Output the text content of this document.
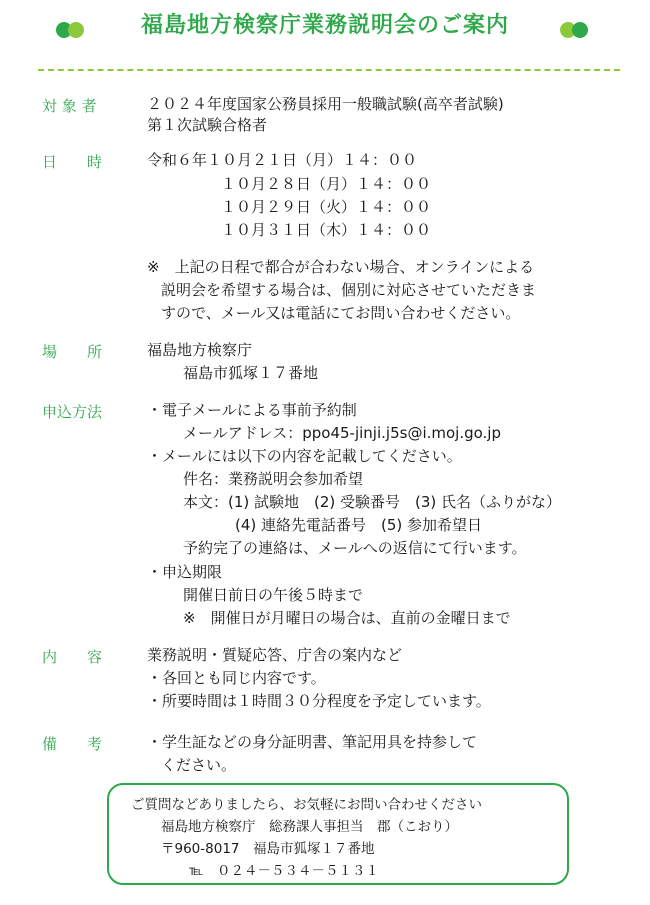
福島地方検察庁業務説明会のご案内
対 象 者	２０２４年度国家公務員採用一般職試験(高卒者試験)
第１次試験合格者
日　　時	令和６年１０月２１日（月）１４：００
１０月２８日（月）１４：００
１０月２９日（火）１４：００
１０月３１日（木）１４：００
※　上記の日程で都合が合わない場合、オンラインによる
説明会を希望する場合は、個別に対応させていただきま
すので、メール又は電話にてお問い合わせください。
場　　所	福島地方検察庁
福島市狐塚１７番地
申込方法	・電子メールによる事前予約制
メールアドレス：ppo45-jinji.j5s@i.moj.go.jp
・メールには以下の内容を記載してください。
件名：業務説明会参加希望
本文：(1) 試験地　(2) 受験番号　(3) 氏名（ふりがな）
(4) 連絡先電話番号　(5) 参加希望日
予約完了の連絡は、メールへの返信にて行います。
・申込期限
開催日前日の午後５時まで
※　開催日が月曜日の場合は、直前の金曜日まで
内　　容	業務説明・質疑応答、庁舎の案内など
・各回とも同じ内容です。
・所要時間は１時間３０分程度を予定しています。
備　　考	・学生証などの身分証明書、筆記用具を持参して
ください。
ご質問などありましたら、お気軽にお問い合わせください
福島地方検察庁　総務課人事担当　郡（こおり）
〒960-8017　福島市狐塚１７番地
℡　０２４－５３４－５１３１
